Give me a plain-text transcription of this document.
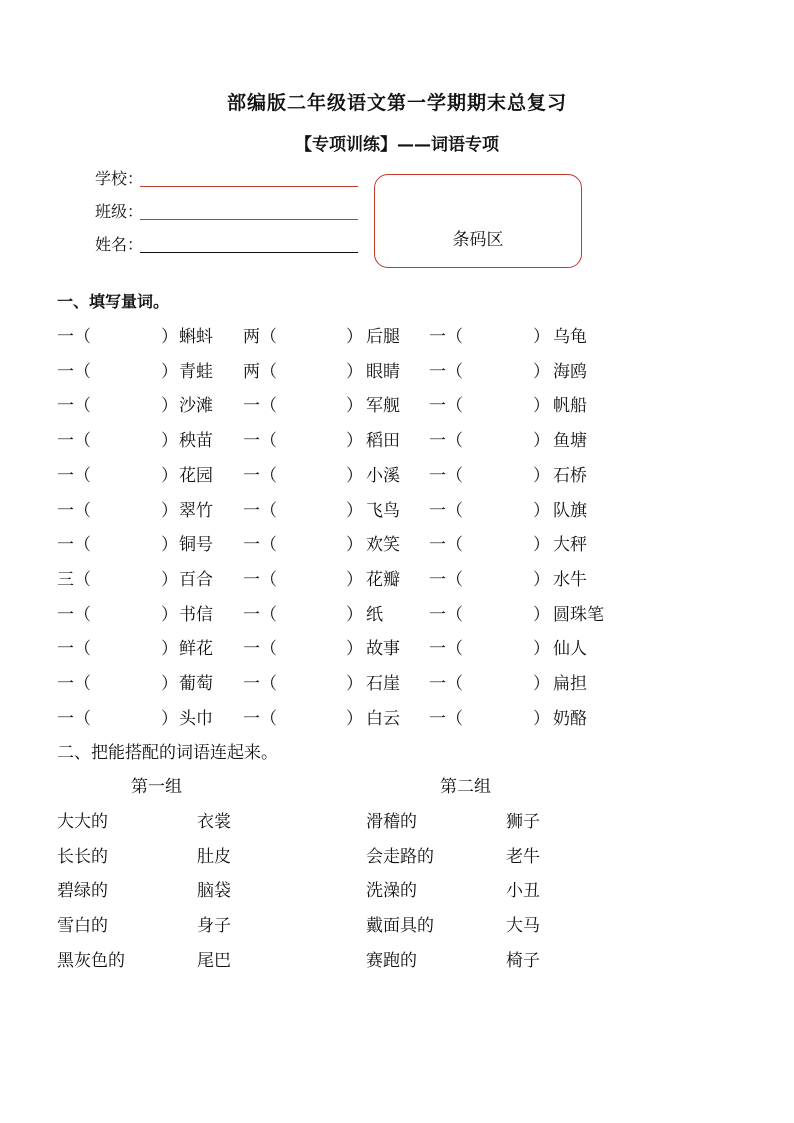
部编版二年级语文第一学期期末总复习
【专项训练】——词语专项
学校：
班级：
姓名：	条码区
一、填写量词。
一（	） 蝌蚪 两（	） 后腿 一（	） 乌龟
一（	） 青蛙 两（	） 眼睛 一（	） 海鸥
一（	） 沙滩 一（	） 军舰 一（	） 帆船
一（	） 秧苗 一（	） 稻田 一（	） 鱼塘
一（	） 花园 一（	） 小溪 一（	） 石桥
一（	） 翠竹 一（	） 飞鸟 一（	） 队旗
一（	） 铜号 一（	） 欢笑 一（	） 大秤
三（	） 百合 一（	） 花瓣 一（	） 水牛
一（	） 书信 一（	） 纸	一（	） 圆珠笔
一（	） 鲜花 一（	） 故事 一（	） 仙人
一（	） 葡萄 一（	） 石崖 一（	） 扁担
一（	） 头巾 一（	） 白云 一（	） 奶酪
二、把能搭配的词语连起来。
第一组	第二组
大大的	衣裳	滑稽的	狮子
长长的	肚皮	会走路的	老牛
碧绿的	脑袋	洗澡的	小丑
雪白的	身子	戴面具的	大马
黑灰色的	尾巴	赛跑的	椅子
